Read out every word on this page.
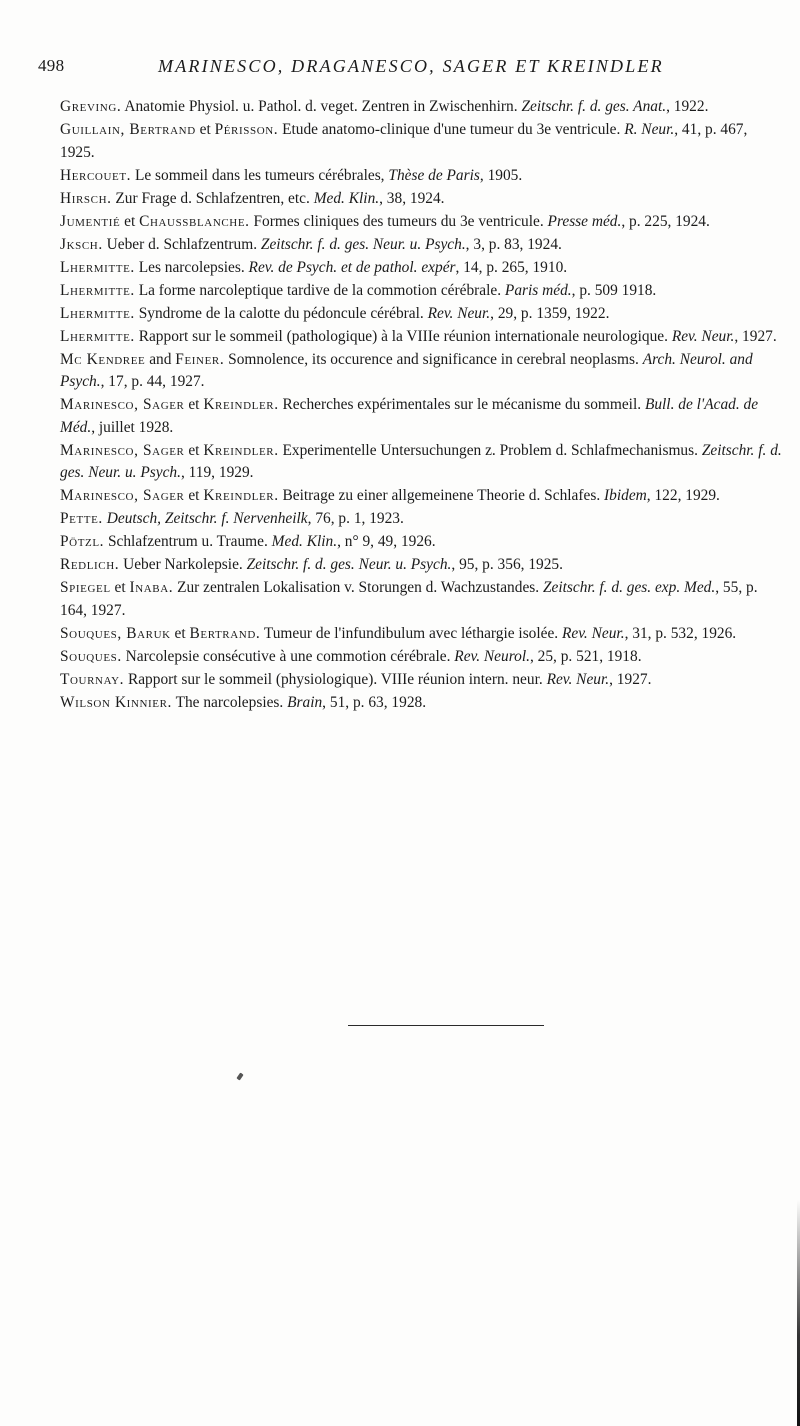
498	MARINESCO, DRAGANESCO, SAGER ET KREINDLER

Greving. Anatomie Physiol. u. Pathol. d. veget. Zentren in Zwischenhirn. Zeitschr. f. d. ges. Anat., 1922.

Guillain, Bertrand et Périsson. Etude anatomo-clinique d'une tumeur du 3e ventricule. R. Neur., 41, p. 467, 1925.

Hercouet. Le sommeil dans les tumeurs cérébrales, Thèse de Paris, 1905.

Hirsch. Zur Frage d. Schlafzentren, etc. Med. Klin., 38, 1924.

Jumentié et Chaussblanche. Formes cliniques des tumeurs du 3e ventricule. Presse méd., p. 225, 1924.

Jksch. Ueber d. Schlafzentrum. Zeitschr. f. d. ges. Neur. u. Psych., 3, p. 83, 1924.

Lhermitte. Les narcolepsies. Rev. de Psych. et de pathol. expér, 14, p. 265, 1910.

Lhermitte. La forme narcoleptique tardive de la commotion cérébrale. Paris méd., p. 509 1918.

Lhermitte. Syndrome de la calotte du pédoncule cérébral. Rev. Neur., 29, p. 1359, 1922.

Lhermitte. Rapport sur le sommeil (pathologique) à la VIIIe réunion internationale neurologique. Rev. Neur., 1927.

Mc Kendree and Feiner. Somnolence, its occurence and significance in cerebral neoplasms. Arch. Neurol. and Psych., 17, p. 44, 1927.

Marinesco, Sager et Kreindler. Recherches expérimentales sur le mécanisme du sommeil. Bull. de l'Acad. de Méd., juillet 1928.

Marinesco, Sager et Kreindler. Experimentelle Untersuchungen z. Problem d. Schlafmechanismus. Zeitschr. f. d. ges. Neur. u. Psych., 119, 1929.

Marinesco, Sager et Kreindler. Beitrage zu einer allgemeinene Theorie d. Schlafes. Ibidem, 122, 1929.

Pette. Deutsch, Zeitschr. f. Nervenheilk, 76, p. 1, 1923.

Pötzl. Schlafzentrum u. Traume. Med. Klin., n° 9, 49, 1926.

Redlich. Ueber Narkolepsie. Zeitschr. f. d. ges. Neur. u. Psych., 95, p. 356, 1925.

Spiegel et Inaba. Zur zentralen Lokalisation v. Storungen d. Wachzustandes. Zeitschr. f. d. ges. exp. Med., 55, p. 164, 1927.

Souques, Baruk et Bertrand. Tumeur de l'infundibulum avec léthargie isolée. Rev. Neur., 31, p. 532, 1926.

Souques. Narcolepsie consécutive à une commotion cérébrale. Rev. Neurol., 25, p. 521, 1918.

Tournay. Rapport sur le sommeil (physiologique). VIIIe réunion intern. neur. Rev. Neur., 1927.

Wilson Kinnier. The narcolepsies. Brain, 51, p. 63, 1928.
